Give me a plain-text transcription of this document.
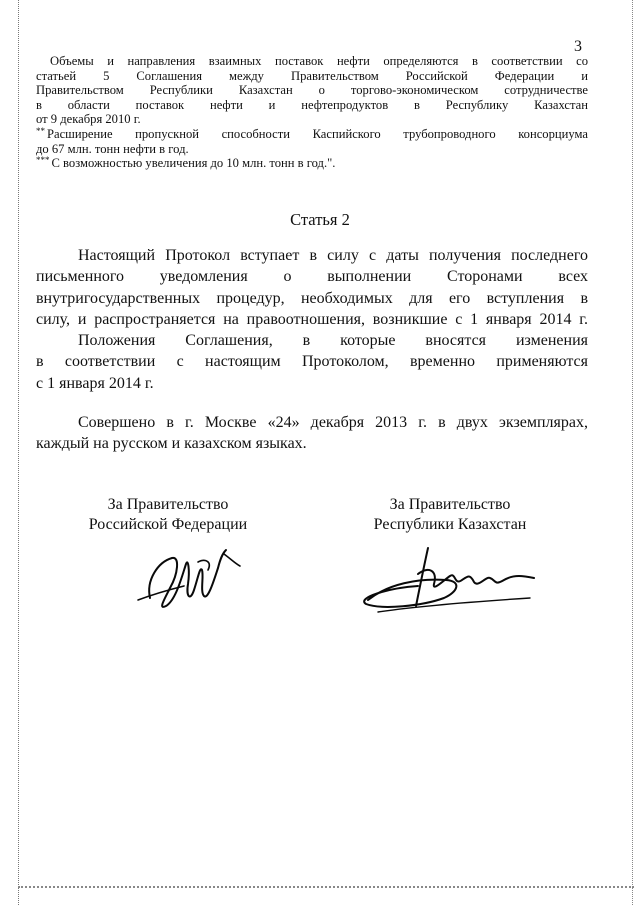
3
Объемы и направления взаимных поставок нефти определяются в соответствии со
статьей 5 Соглашения между Правительством Российской Федерации и
Правительством Республики Казахстан о торгово-экономическом сотрудничестве
в области поставок нефти и нефтепродуктов в Республику Казахстан
от 9 декабря 2010 г.
** Расширение пропускной способности Каспийского трубопроводного консорциума
до 67 млн. тонн нефти в год.
*** С возможностью увеличения до 10 млн. тонн в год.".
Статья 2
Настоящий Протокол вступает в силу с даты получения последнего
письменного уведомления о выполнении Сторонами всех
внутригосударственных процедур, необходимых для его вступления в
силу, и распространяется на правоотношения, возникшие с 1 января 2014 г.
Положения Соглашения, в которые вносятся изменения
в соответствии с настоящим Протоколом, временно применяются
с 1 января 2014 г.
Совершено в г. Москве «24» декабря 2013 г. в двух экземплярах,
каждый на русском и казахском языках.
За Правительство
Российской Федерации
За Правительство
Республики Казахстан
